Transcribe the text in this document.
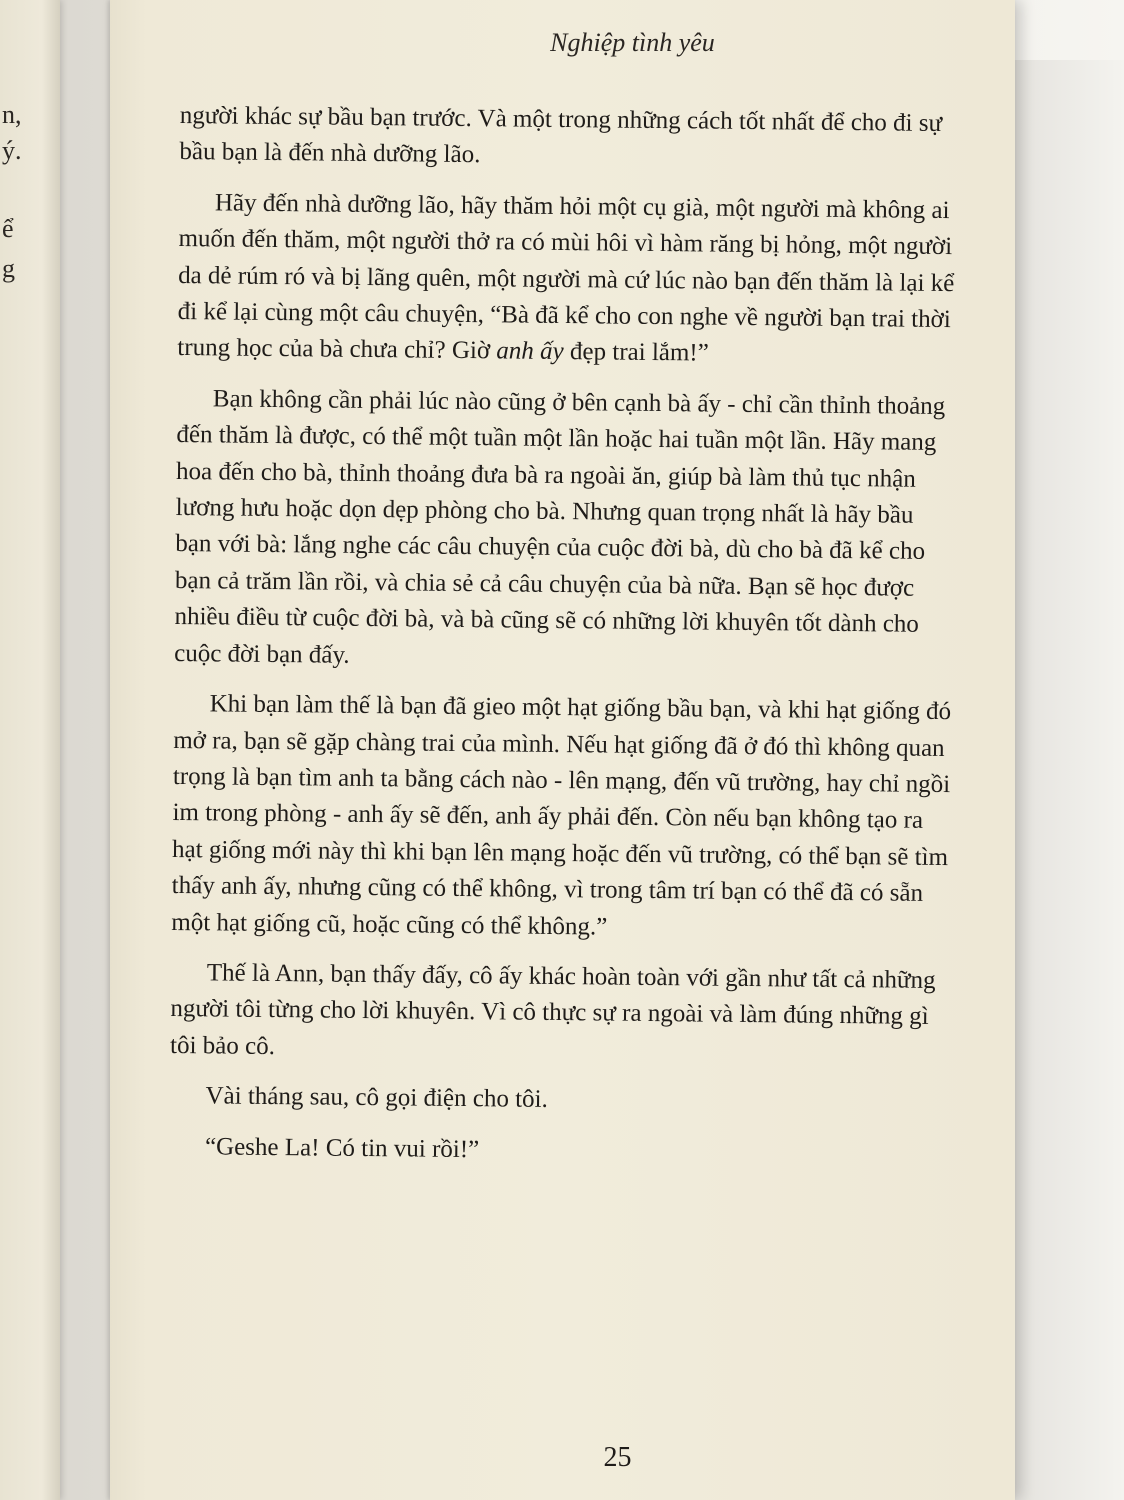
n,
ý.
ể
g
Nghiệp tình yêu

người khác sự bầu bạn trước. Và một trong những cách tốt nhất để cho đi sự bầu bạn là đến nhà dưỡng lão.

Hãy đến nhà dưỡng lão, hãy thăm hỏi một cụ già, một người mà không ai muốn đến thăm, một người thở ra có mùi hôi vì hàm răng bị hỏng, một người da dẻ rúm ró và bị lãng quên, một người mà cứ lúc nào bạn đến thăm là lại kể đi kể lại cùng một câu chuyện, “Bà đã kể cho con nghe về người bạn trai thời trung học của bà chưa chỉ? Giờ anh ấy đẹp trai lắm!”

Bạn không cần phải lúc nào cũng ở bên cạnh bà ấy - chỉ cần thỉnh thoảng đến thăm là được, có thể một tuần một lần hoặc hai tuần một lần. Hãy mang hoa đến cho bà, thỉnh thoảng đưa bà ra ngoài ăn, giúp bà làm thủ tục nhận lương hưu hoặc dọn dẹp phòng cho bà. Nhưng quan trọng nhất là hãy bầu bạn với bà: lắng nghe các câu chuyện của cuộc đời bà, dù cho bà đã kể cho bạn cả trăm lần rồi, và chia sẻ cả câu chuyện của bà nữa. Bạn sẽ học được nhiều điều từ cuộc đời bà, và bà cũng sẽ có những lời khuyên tốt dành cho cuộc đời bạn đấy.

Khi bạn làm thế là bạn đã gieo một hạt giống bầu bạn, và khi hạt giống đó mở ra, bạn sẽ gặp chàng trai của mình. Nếu hạt giống đã ở đó thì không quan trọng là bạn tìm anh ta bằng cách nào - lên mạng, đến vũ trường, hay chỉ ngồi im trong phòng - anh ấy sẽ đến, anh ấy phải đến. Còn nếu bạn không tạo ra hạt giống mới này thì khi bạn lên mạng hoặc đến vũ trường, có thể bạn sẽ tìm thấy anh ấy, nhưng cũng có thể không, vì trong tâm trí bạn có thể đã có sẵn một hạt giống cũ, hoặc cũng có thể không.”

Thế là Ann, bạn thấy đấy, cô ấy khác hoàn toàn với gần như tất cả những người tôi từng cho lời khuyên. Vì cô thực sự ra ngoài và làm đúng những gì tôi bảo cô.

Vài tháng sau, cô gọi điện cho tôi.

“Geshe La! Có tin vui rồi!”

25
